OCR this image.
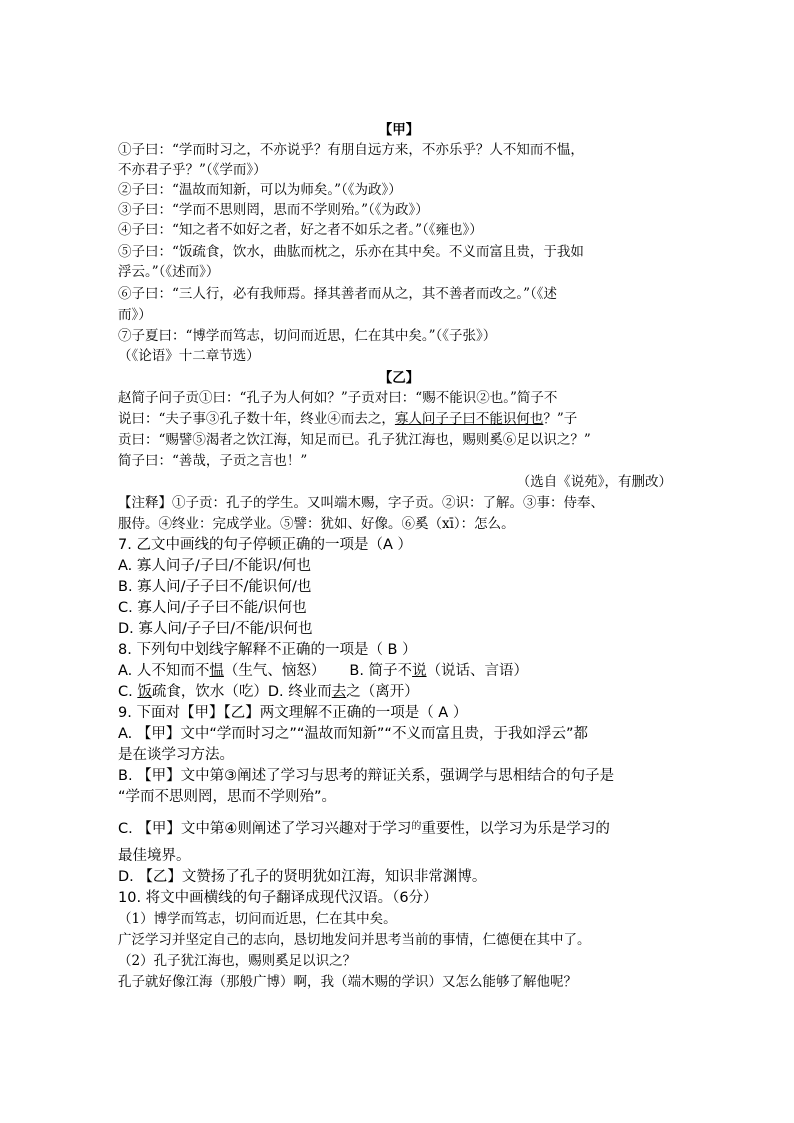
【甲】
①子曰：“学而时习之，不亦说乎？有朋自远方来，不亦乐乎？人不知而不愠，
不亦君子乎？”（《学而》）
②子曰：“温故而知新，可以为师矣。”（《为政》）
③子曰：“学而不思则罔，思而不学则殆。”（《为政》）
④子曰：“知之者不如好之者，好之者不如乐之者。”（《雍也》）
⑤子曰：“饭疏食，饮水，曲肱而枕之，乐亦在其中矣。不义而富且贵，于我如
浮云。”（《述而》）
⑥子曰：“三人行，必有我师焉。择其善者而从之，其不善者而改之。”（《述
而》）
⑦子夏曰：“博学而笃志，切问而近思，仁在其中矣。”（《子张》）
（《论语》十二章节选）
【乙】
赵简子问子贡①曰：“孔子为人何如？”子贡对曰：“赐不能识②也。”简子不
说曰：“夫子事③孔子数十年，终业④而去之，寡人问子子曰不能识何也？”子
贡曰：“赐譬⑤渴者之饮江海，知足而已。孔子犹江海也，赐则奚⑥足以识之？”
简子曰：“善哉，子贡之言也！”
（选自《说苑》，有删改）
【注释】①子贡：孔子的学生。又叫端木赐，字子贡。②识：了解。③事：侍奉、
服侍。④终业：完成学业。⑤譬：犹如、好像。⑥奚（xī）：怎么。
7. 乙文中画线的句子停顿正确的一项是（A ）
A. 寡人问子/子曰/不能识/何也
B. 寡人问/子子曰不/能识何/也
C. 寡人问/子子曰不能/识何也
D. 寡人问/子子曰/不能/识何也
8. 下列句中划线字解释不正确的一项是（ B ）
A. 人不知而不愠（生气、恼怒） B. 简子不说（说话、言语）
C. 饭疏食，饮水（吃）D. 终业而去之（离开）
9. 下面对【甲】【乙】两文理解不正确的一项是（ A ）
A. 【甲】文中“学而时习之”“温故而知新”“不义而富且贵，于我如浮云”都
是在谈学习方法。
B. 【甲】文中第③阐述了学习与思考的辩证关系，强调学与思相结合的句子是
“学而不思则罔，思而不学则殆”。
C. 【甲】文中第④则阐述了学习兴趣对于学习$^的$重要性，以学习为乐是学习的
最佳境界。
D. 【乙】文赞扬了孔子的贤明犹如江海，知识非常渊博。
10. 将文中画横线的句子翻译成现代汉语。（6分）
（1）博学而笃志，切问而近思，仁在其中矣。
广泛学习并坚定自己的志向，恳切地发问并思考当前的事情，仁德便在其中了。
（2）孔子犹江海也，赐则奚足以识之？
孔子就好像江海（那般广博）啊，我（端木赐的学识）又怎么能够了解他呢？
